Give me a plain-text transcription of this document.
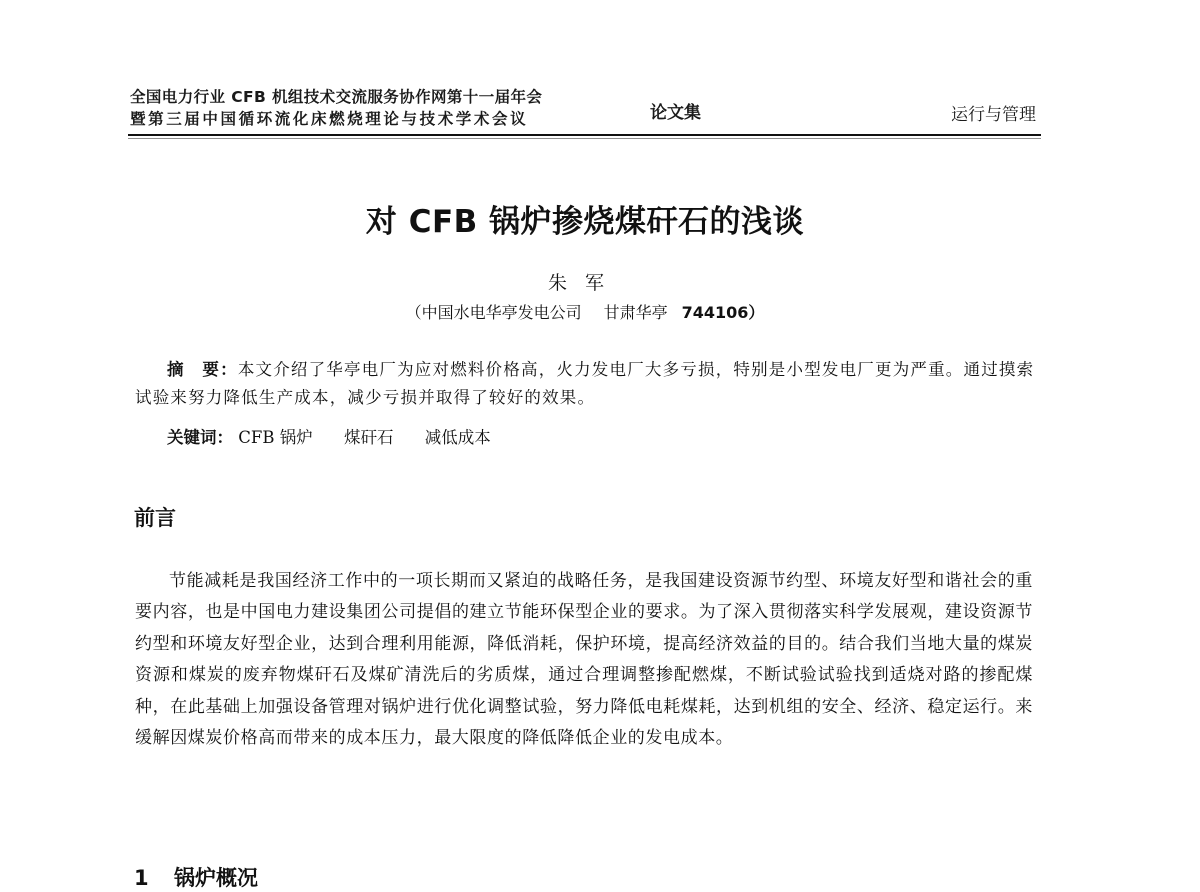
全国电力行业 CFB 机组技术交流服务协作网第十一届年会
暨第三届中国循环流化床燃烧理论与技术学术会议	论文集	运行与管理
对 CFB 锅炉掺烧煤矸石的浅谈
朱军
（中国水电华亭发电公司 甘肃华亭 744106）
摘　要：本文介绍了华亭电厂为应对燃料价格高，火力发电厂大多亏损，特别是小型发电厂更为严重。通过摸索试验来努力降低生产成本，减少亏损并取得了较好的效果。
关键词： CFB 锅炉 煤矸石 减低成本
前言
节能减耗是我国经济工作中的一项长期而又紧迫的战略任务，是我国建设资源节约型、环境友好型和谐社会的重要内容，也是中国电力建设集团公司提倡的建立节能环保型企业的要求。为了深入贯彻落实科学发展观，建设资源节约型和环境友好型企业，达到合理利用能源，降低消耗，保护环境，提高经济效益的目的。结合我们当地大量的煤炭资源和煤炭的废弃物煤矸石及煤矿清洗后的劣质煤，通过合理调整掺配燃煤，不断试验试验找到适烧对路的掺配煤种，在此基础上加强设备管理对锅炉进行优化调整试验，努力降低电耗煤耗，达到机组的安全、经济、稳定运行。来缓解因煤炭价格高而带来的成本压力，最大限度的降低降低企业的发电成本。
1 锅炉概况
